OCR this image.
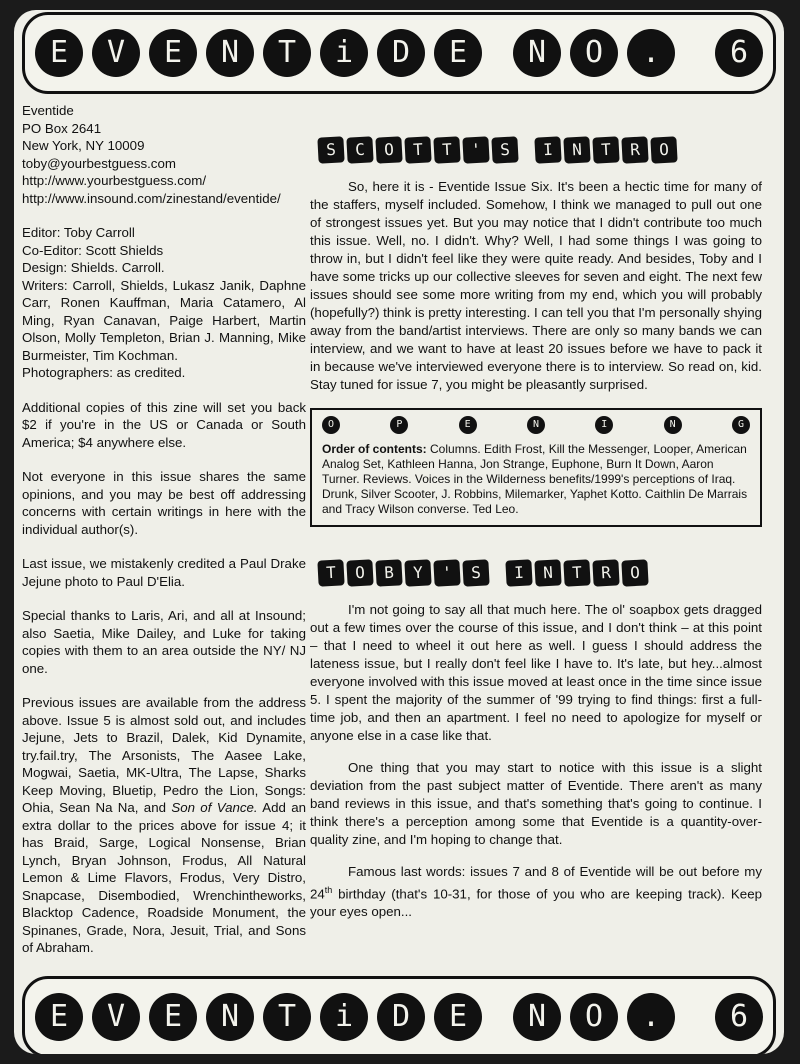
E	V	E	N	T	i	D	E	N	O	.	6

Eventide
PO Box 2641
New York, NY 10009
toby@yourbestguess.com
http://www.yourbestguess.com/
http://www.insound.com/zinestand/eventide/

Editor: Toby Carroll
Co-Editor: Scott Shields
Design: Shields. Carroll.
Writers: Carroll, Shields, Lukasz Janik, Daphne Carr, Ronen Kauffman, Maria Catamero, Al Ming, Ryan Canavan, Paige Harbert, Martin Olson, Molly Templeton, Brian J. Manning, Mike Burmeister, Tim Kochman.
Photographers: as credited.

Additional copies of this zine will set you back $2 if you're in the US or Canada or South America; $4 anywhere else.

Not everyone in this issue shares the same opinions, and you may be best off addressing concerns with certain writings in here with the individual author(s).

Last issue, we mistakenly credited a Paul Drake Jejune photo to Paul D'Elia.

Special thanks to Laris, Ari, and all at Insound; also Saetia, Mike Dailey, and Luke for taking copies with them to an area outside the NY/ NJ one.

Previous issues are available from the address above. Issue 5 is almost sold out, and includes Jejune, Jets to Brazil, Dalek, Kid Dynamite, try.fail.try, The Arsonists, The Aasee Lake, Mogwai, Saetia, MK-Ultra, The Lapse, Sharks Keep Moving, Bluetip, Pedro the Lion, Songs: Ohia, Sean Na Na, and Son of Vance. Add an extra dollar to the prices above for issue 4; it has Braid, Sarge, Logical Nonsense, Brian Lynch, Bryan Johnson, Frodus, All Natural Lemon & Lime Flavors, Frodus, Very Distro, Snapcase, Disembodied, Wrenchintheworks, Blacktop Cadence, Roadside Monument, the Spinanes, Grade, Nora, Jesuit, Trial, and Sons of Abraham.

S	C	O	T	T	'	S	I	N	T	R	O

So, here it is - Eventide Issue Six. It's been a hectic time for many of the staffers, myself included. Somehow, I think we managed to pull out one of strongest issues yet. But you may notice that I didn't contribute too much this issue. Well, no. I didn't. Why? Well, I had some things I was going to throw in, but I didn't feel like they were quite ready. And besides, Toby and I have some tricks up our collective sleeves for seven and eight. The next few issues should see some more writing from my end, which you will probably (hopefully?) think is pretty interesting. I can tell you that I'm personally shying away from the band/artist interviews. There are only so many bands we can interview, and we want to have at least 20 issues before we have to pack it in because we've interviewed everyone there is to interview. So read on, kid. Stay tuned for issue 7, you might be pleasantly surprised.

O	P	E	N	I	N	G
Order of contents: Columns. Edith Frost, Kill the Messenger, Looper, American Analog Set, Kathleen Hanna, Jon Strange, Euphone, Burn It Down, Aaron Turner. Reviews. Voices in the Wilderness benefits/1999's perceptions of Iraq. Drunk, Silver Scooter, J. Robbins, Milemarker, Yaphet Kotto. Caithlin De Marrais and Tracy Wilson converse. Ted Leo.
T	O	B	Y	'	S	I	N	T	R	O

I'm not going to say all that much here. The ol' soapbox gets dragged out a few times over the course of this issue, and I don't think – at this point – that I need to wheel it out here as well. I guess I should address the lateness issue, but I really don't feel like I have to. It's late, but hey...almost everyone involved with this issue moved at least once in the time since issue 5. I spent the majority of the summer of '99 trying to find things: first a full-time job, and then an apartment. I feel no need to apologize for myself or anyone else in a case like that.

One thing that you may start to notice with this issue is a slight deviation from the past subject matter of Eventide. There aren't as many band reviews in this issue, and that's something that's going to continue. I think there's a perception among some that Eventide is a quantity-over-quality zine, and I'm hoping to change that.

Famous last words: issues 7 and 8 of Eventide will be out before my 24th birthday (that's 10-31, for those of you who are keeping track). Keep your eyes open...

E	V	E	N	T	i	D	E	N	O	.	6
